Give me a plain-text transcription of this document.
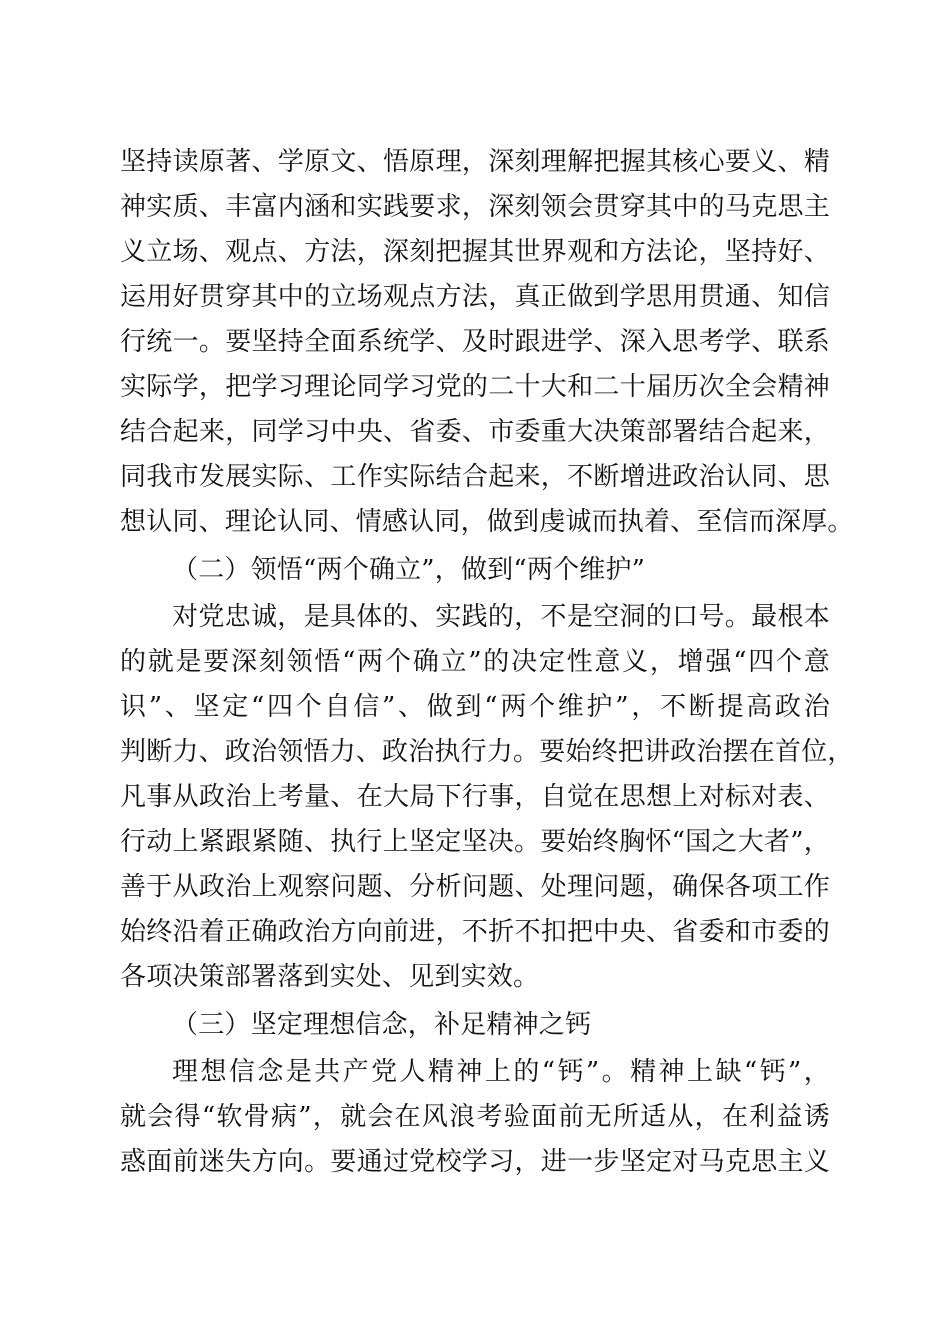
坚持读原著、学原文、悟原理，深刻理解把握其核心要义、精
神实质、丰富内涵和实践要求，深刻领会贯穿其中的马克思主
义立场、观点、方法，深刻把握其世界观和方法论，坚持好、
运用好贯穿其中的立场观点方法，真正做到学思用贯通、知信
行统一。要坚持全面系统学、及时跟进学、深入思考学、联系
实际学，把学习理论同学习党的二十大和二十届历次全会精神
结合起来，同学习中央、省委、市委重大决策部署结合起来，
同我市发展实际、工作实际结合起来，不断增进政治认同、思
想认同、理论认同、情感认同，做到虔诚而执着、至信而深厚。
（二）领悟“两个确立”，做到“两个维护”
对党忠诚，是具体的、实践的，不是空洞的口号。最根本
的就是要深刻领悟“两个确立”的决定性意义，增强“四个意
识”、坚定“四个自信”、做到“两个维护”，不断提高政治
判断力、政治领悟力、政治执行力。要始终把讲政治摆在首位，
凡事从政治上考量、在大局下行事，自觉在思想上对标对表、
行动上紧跟紧随、执行上坚定坚决。要始终胸怀“国之大者”，
善于从政治上观察问题、分析问题、处理问题，确保各项工作
始终沿着正确政治方向前进，不折不扣把中央、省委和市委的
各项决策部署落到实处、见到实效。
（三）坚定理想信念，补足精神之钙
理想信念是共产党人精神上的“钙”。精神上缺“钙”，
就会得“软骨病”，就会在风浪考验面前无所适从，在利益诱
惑面前迷失方向。要通过党校学习，进一步坚定对马克思主义
